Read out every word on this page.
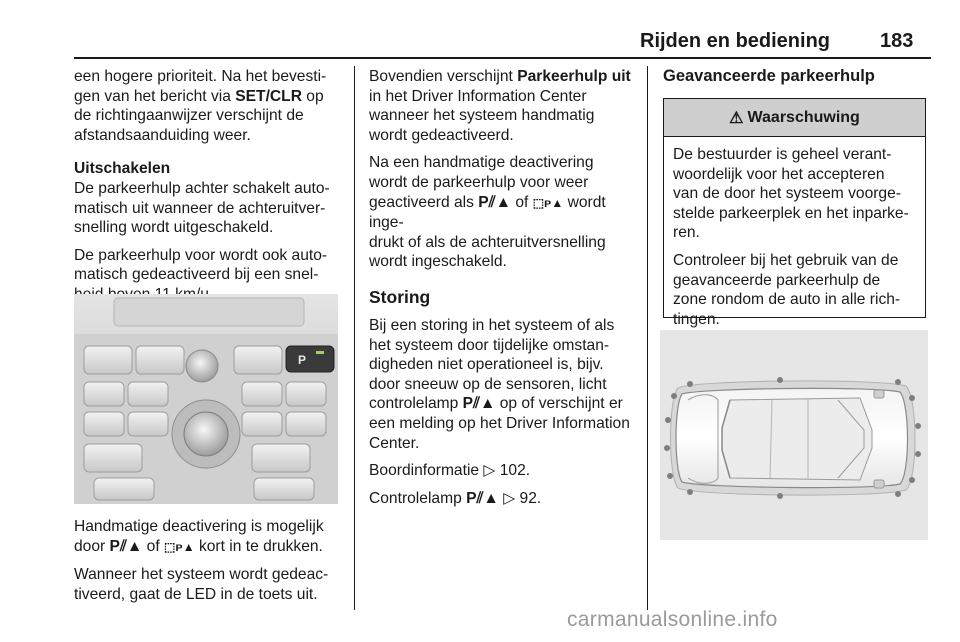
Rijden en bediening 183

een hogere prioriteit. Na het bevesti-
gen van het bericht via SET/CLR op
de richtingaanwijzer verschijnt de
afstandsaanduiding weer.

Uitschakelen

De parkeerhulp achter schakelt auto-
matisch uit wanneer de achteruitver-
snelling wordt uitgeschakeld.

De parkeerhulp voor wordt ook auto-
matisch gedeactiveerd bij een snel-

P

Handmatige deactivering is mogelijk
door P⫽▲ of ⬚ᴘ▲ kort in te drukken.

Wanneer het systeem wordt gedeac-
tiveerd, gaat de LED in de toets uit.

Bovendien verschijnt Parkeerhulp uit
in het Driver Information Center
wanneer het systeem handmatig
wordt gedeactiveerd.

Na een handmatige deactivering
wordt de parkeerhulp voor weer
geactiveerd als P⫽▲ of ⬚ᴘ▲ wordt inge-
drukt of als de achteruitversnelling
wordt ingeschakeld.

Storing

Bij een storing in het systeem of als
het systeem door tijdelijke omstan-
digheden niet operationeel is, bijv.
door sneeuw op de sensoren, licht
controlelamp P⫽▲ op of verschijnt er
een melding op het Driver Information
Center.

Boordinformatie ▷ 102.

Controlelamp P⫽▲ ▷ 92.

Geavanceerde parkeerhulp
⚠ Waarschuwing

De bestuurder is geheel verant-
woordelijk voor het accepteren
van de door het systeem voorge-
stelde parkeerplek en het inparke-
ren.

Controleer bij het gebruik van de
geavanceerde parkeerhulp de
zone rondom de auto in alle rich-
tingen.

carmanualsonline.info
